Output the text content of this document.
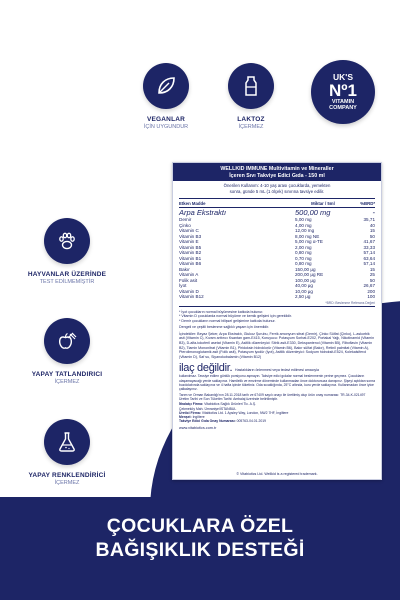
VEGANLAR
İÇİN UYGUNDUR
LAKTOZ
İÇERMEZ
UK'S
Nº1
VITAMIN
COMPANY
HAYVANLAR ÜZERİNDE
TEST EDİLMEMİŞTİR
YAPAY TATLANDIRICI
İÇERMEZ
YAPAY RENKLENDİRİCİ
İÇERMEZ
WELLKID IMMUNE Multivitamin ve Mineraller
İçeren Sıvı Takviye Edici Gıda - 150 ml
Önerilen Kullanım: 4-10 yaş arası çocuklarda, yemekten
sonra, günde 5 mL (1 ölçek) sınırına tavsiye edilir.
Etken Madde	Miktar / 5ml	%BRD*
Arpa Ekstraktı	500,00 mg	-
Demir	5,00 mg	35,71
Çinko	4,00 mg	40
Vitamin C	12,00 mg	15
Vitamin B3	8,00 mg NE	50
Vitamin E	5,00 mg α-TE	41,67
Vitamin B5	2,00 mg	33,33
Vitamin B2	0,80 mg	57,14
Vitamin B1	0,70 mg	63,64
Vitamin B6	0,80 mg	57,14
Bakır	150,00 μg	15
Vitamin A	200,00 μg RE	25
Folik asit	100,00 μg	50
İyot	40,00 μg	26,67
Vitamin D	10,00 μg	200
Vitamin B12	2,50 μg	100
*BRD: Beslenme Referans Değeri
* İyot çocukların normal büyümesine katkıda bulunur.
* Vitamin D çocuklarda normal büyüme ve kemik gelişimi için gereklidir.
* Demir çocukların normal bilişsel gelişimine katkıda bulunur.
Dengeli ve çeşitli beslenme sağlıklı yaşam için önemlidir.
İçindekiler: Beyaz Şeker, Arpa Ekstraktı, Glukoz Şurubu, Ferrik amonyum sitrat (Demir), Çinko Sülfat (Çinko), L-askorbik asit (Vitamin C), Kıvam arttırıcı Ksantan gam-E415, Koruyucu: Potasyum Sorbat-E202, Portakal Yağı, Nikotinamid (Vitamin B3), D-alfa-tokoferil asetat (Vitamin E), Asitlik düzenleyici: Sitrik asit-E330, Dekspantenol (Vitamin B5), Riboflavin (Vitamin B2), Tiamin Mononitrat (Vitamin B1), Piridoksin hidroklorür (Vitamin B6), Bakır sülfat (Bakır), Retinil palmitat (Vitamin A), Pteroilmonoglutamik asit (Folik asit), Potasyum iyodür (İyot), Asitlik düzenleyici: Sodyum hidroksit-E524, Kolekalsiferol (Vitamin D), Saf su, Siyanokobalamin (Vitamin B12)
ilaç değildir. Hastalıkların önlenmesi veya tedavi edilmesi amacıyla
kullanılmaz. Tavsiye edilen günlük porsiyonu aşmayın. Takviye edici gıdalar normal beslenmenin yerine geçmez. Çocukların ulaşamayacağı yerde saklayınız. Hamilelik ve emzirme döneminde kullanmadan önce doktorunuza danışınız. Şişeyi açtıktan sonra buzdolabında saklayınız ve 4 hafta içinde tüketiniz. Oda sıcaklığında, 25°C altında, kuru yerde saklayınız. Kullanmadan önce iyice çalkalayınız.
Tarım ve Orman Bakanlığı'nın 28.11.2018 tarih ve 67409 sayılı onayı ile üretilmiş olup ürün onay numarası: TR-34-K-021497
Üretim Tarihi ve Son Tüketim Tarihi: Ambalaj üzerinde belirtilmiştir.
İthalatçı Firma: Vitabiotics Sağlık Ürünleri Tic. A.Ş.
Çekmeköy Mah. Ümraniye/İSTANBUL
Üretici Firma: Vitabiotics Ltd. 1 Apsley Way, London, NW2 7HF, İngiltere
Menşei: İngiltere
Takviye Edici Gıda Onay Numarası: 005763-04.01.2019
www.vitabiotics.com.tr
© Vitabiotics Ltd. Wellkid is a registered trademark.
ÇOCUKLARA ÖZEL
BAĞIŞIKLIK DESTEĞİ
